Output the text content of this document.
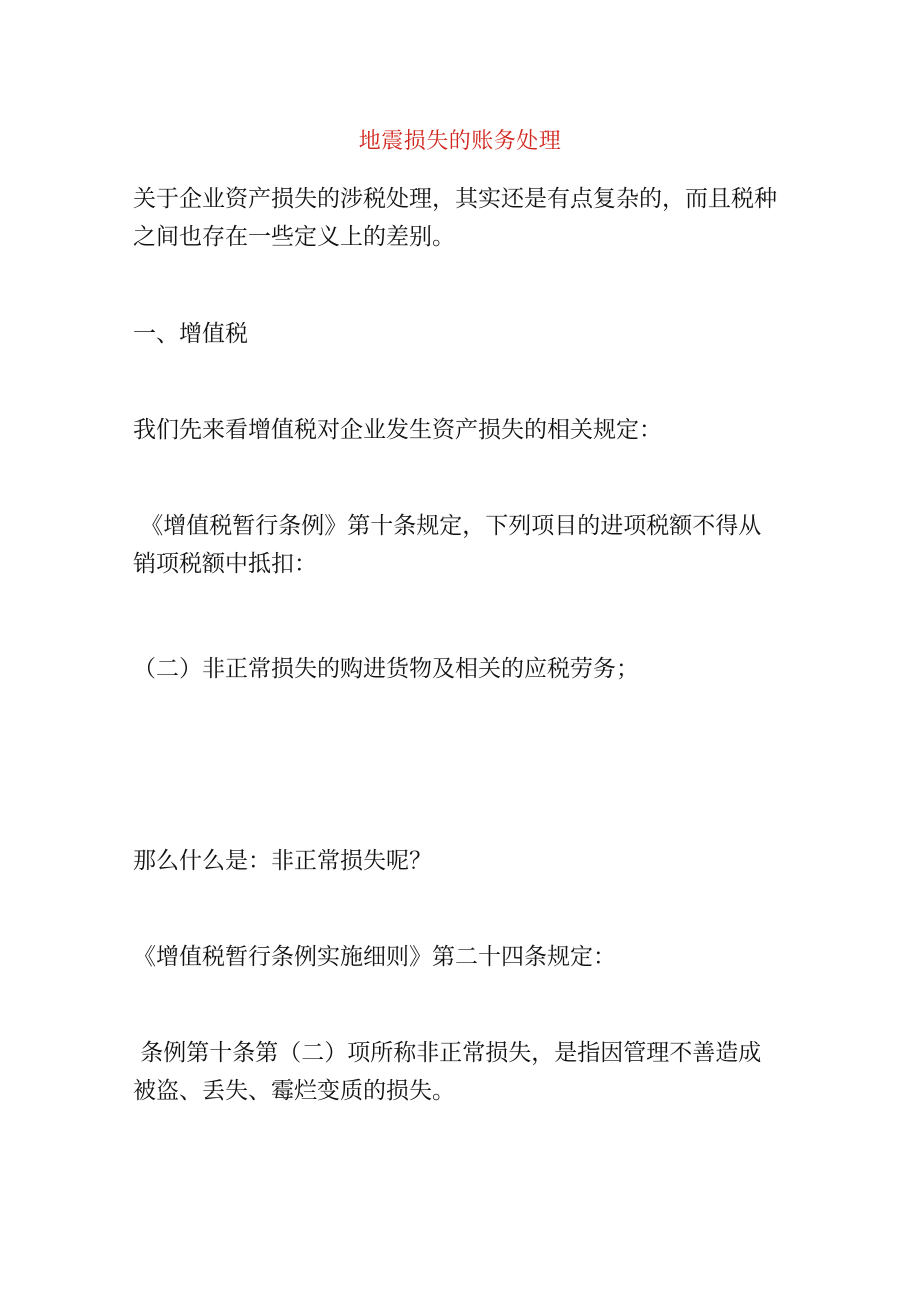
地震损失的账务处理

关于企业资产损失的涉税处理，其实还是有点复杂的，而且税种
之间也存在一些定义上的差别。

一、增值税

我们先来看增值税对企业发生资产损失的相关规定：

《增值税暂行条例》第十条规定，下列项目的进项税额不得从
销项税额中抵扣：

（二）非正常损失的购进货物及相关的应税劳务；

那么什么是：非正常损失呢？

《增值税暂行条例实施细则》第二十四条规定：

条例第十条第（二）项所称非正常损失，是指因管理不善造成
被盗、丢失、霉烂变质的损失。
